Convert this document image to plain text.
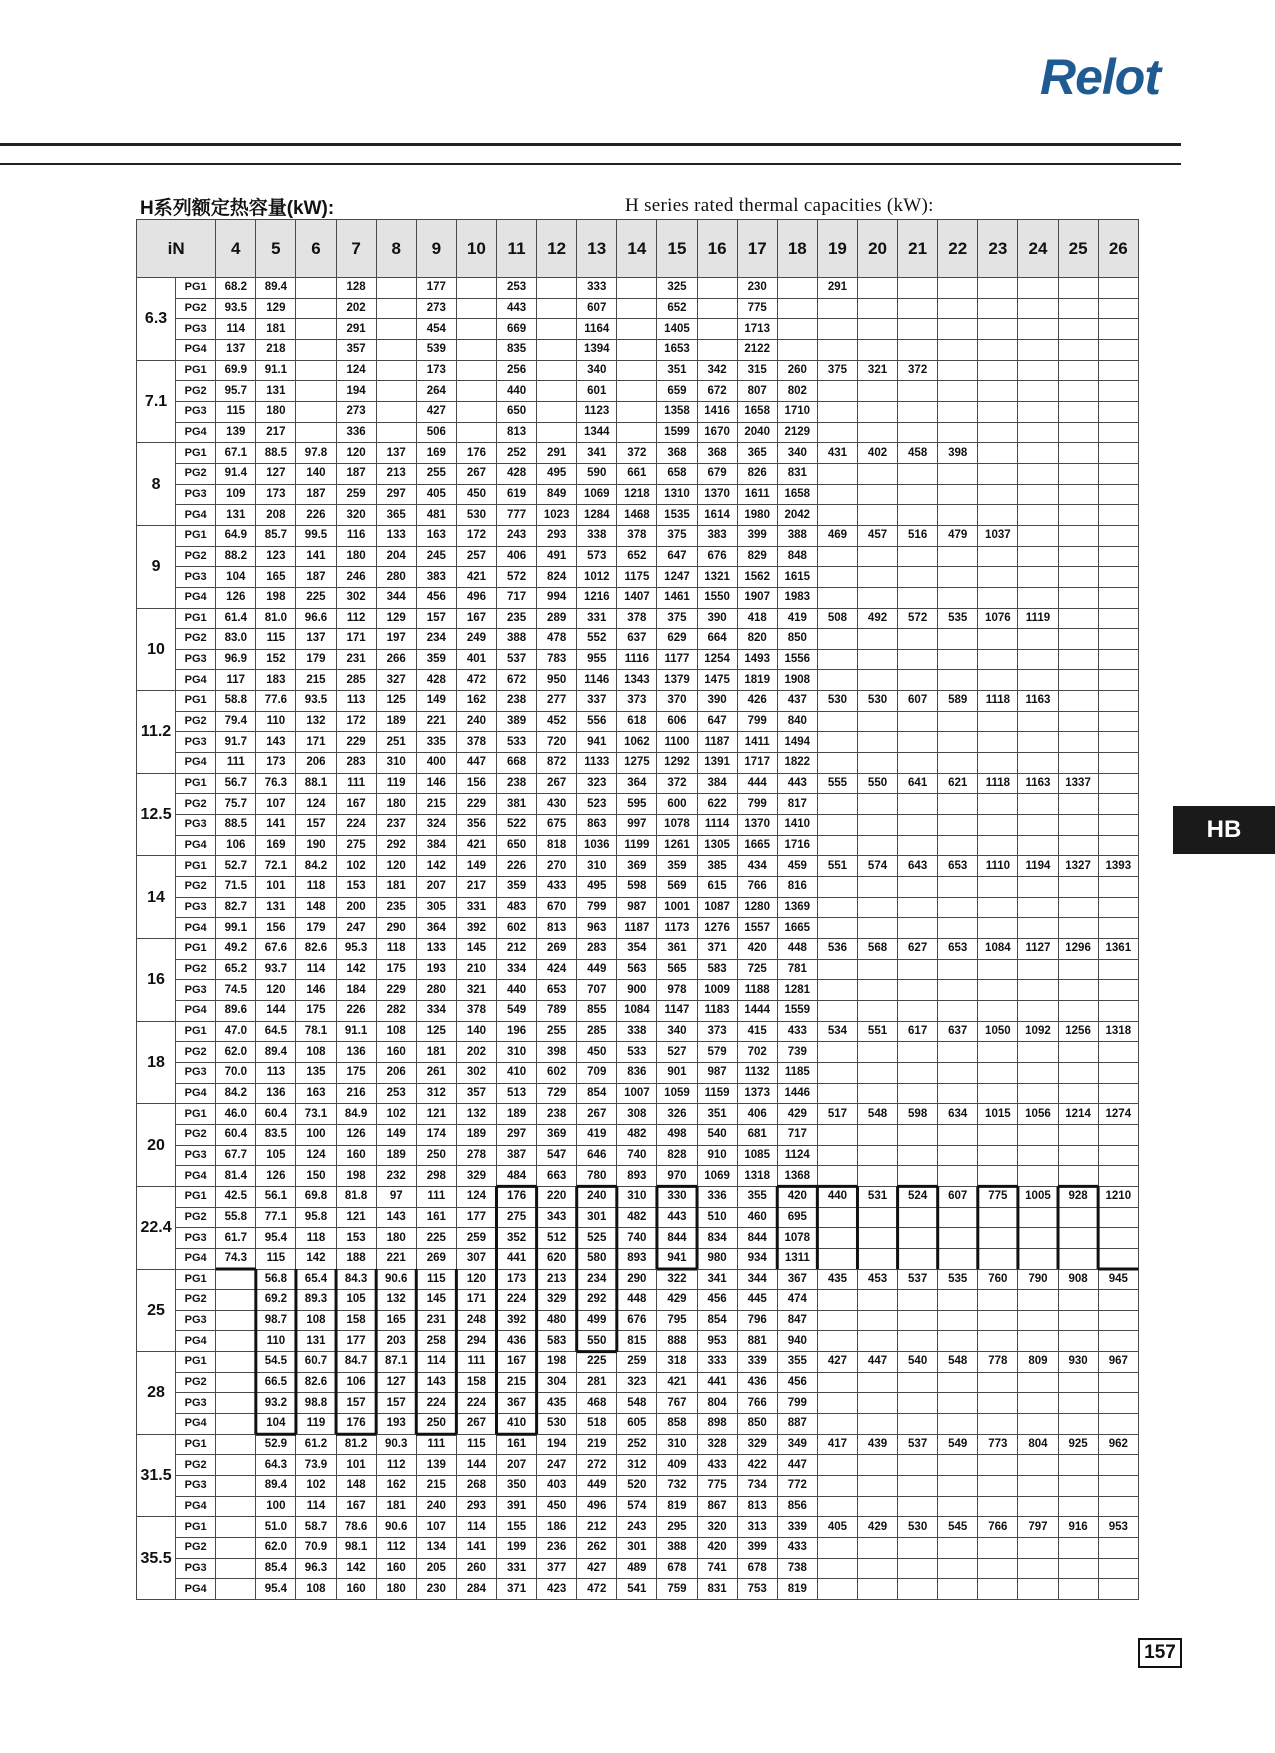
Relot
H系列额定热容量(kW):	H series rated thermal capacities (kW):
iN		4	5	6	7	8	9	10	11	12	13	14	15	16	17	18	19	20	21	22	23	24	25	26
6.3	PG1	68.2	89.4		128		177		253		333		325		230		291							
	PG2	93.5	129		202		273		443		607		652		775									
	PG3	114	181		291		454		669		1164		1405		1713									
	PG4	137	218		357		539		835		1394		1653		2122									
7.1	PG1	69.9	91.1		124		173		256		340		351	342	315	260	375	321	372					
	PG2	95.7	131		194		264		440		601		659	672	807	802								
	PG3	115	180		273		427		650		1123		1358	1416	1658	1710								
	PG4	139	217		336		506		813		1344		1599	1670	2040	2129								
8	PG1	67.1	88.5	97.8	120	137	169	176	252	291	341	372	368	368	365	340	431	402	458	398				
	PG2	91.4	127	140	187	213	255	267	428	495	590	661	658	679	826	831								
	PG3	109	173	187	259	297	405	450	619	849	1069	1218	1310	1370	1611	1658								
	PG4	131	208	226	320	365	481	530	777	1023	1284	1468	1535	1614	1980	2042								
9	PG1	64.9	85.7	99.5	116	133	163	172	243	293	338	378	375	383	399	388	469	457	516	479	1037			
	PG2	88.2	123	141	180	204	245	257	406	491	573	652	647	676	829	848								
	PG3	104	165	187	246	280	383	421	572	824	1012	1175	1247	1321	1562	1615								
	PG4	126	198	225	302	344	456	496	717	994	1216	1407	1461	1550	1907	1983								
10	PG1	61.4	81.0	96.6	112	129	157	167	235	289	331	378	375	390	418	419	508	492	572	535	1076	1119		
	PG2	83.0	115	137	171	197	234	249	388	478	552	637	629	664	820	850								
	PG3	96.9	152	179	231	266	359	401	537	783	955	1116	1177	1254	1493	1556								
	PG4	117	183	215	285	327	428	472	672	950	1146	1343	1379	1475	1819	1908								
11.2	PG1	58.8	77.6	93.5	113	125	149	162	238	277	337	373	370	390	426	437	530	530	607	589	1118	1163		
	PG2	79.4	110	132	172	189	221	240	389	452	556	618	606	647	799	840								
	PG3	91.7	143	171	229	251	335	378	533	720	941	1062	1100	1187	1411	1494								
	PG4	111	173	206	283	310	400	447	668	872	1133	1275	1292	1391	1717	1822								
12.5	PG1	56.7	76.3	88.1	111	119	146	156	238	267	323	364	372	384	444	443	555	550	641	621	1118	1163	1337	
	PG2	75.7	107	124	167	180	215	229	381	430	523	595	600	622	799	817								
	PG3	88.5	141	157	224	237	324	356	522	675	863	997	1078	1114	1370	1410								
	PG4	106	169	190	275	292	384	421	650	818	1036	1199	1261	1305	1665	1716								
14	PG1	52.7	72.1	84.2	102	120	142	149	226	270	310	369	359	385	434	459	551	574	643	653	1110	1194	1327	1393
	PG2	71.5	101	118	153	181	207	217	359	433	495	598	569	615	766	816								
	PG3	82.7	131	148	200	235	305	331	483	670	799	987	1001	1087	1280	1369								
	PG4	99.1	156	179	247	290	364	392	602	813	963	1187	1173	1276	1557	1665								
16	PG1	49.2	67.6	82.6	95.3	118	133	145	212	269	283	354	361	371	420	448	536	568	627	653	1084	1127	1296	1361
	PG2	65.2	93.7	114	142	175	193	210	334	424	449	563	565	583	725	781								
	PG3	74.5	120	146	184	229	280	321	440	653	707	900	978	1009	1188	1281								
	PG4	89.6	144	175	226	282	334	378	549	789	855	1084	1147	1183	1444	1559								
18	PG1	47.0	64.5	78.1	91.1	108	125	140	196	255	285	338	340	373	415	433	534	551	617	637	1050	1092	1256	1318
	PG2	62.0	89.4	108	136	160	181	202	310	398	450	533	527	579	702	739								
	PG3	70.0	113	135	175	206	261	302	410	602	709	836	901	987	1132	1185								
	PG4	84.2	136	163	216	253	312	357	513	729	854	1007	1059	1159	1373	1446								
20	PG1	46.0	60.4	73.1	84.9	102	121	132	189	238	267	308	326	351	406	429	517	548	598	634	1015	1056	1214	1274
	PG2	60.4	83.5	100	126	149	174	189	297	369	419	482	498	540	681	717								
	PG3	67.7	105	124	160	189	250	278	387	547	646	740	828	910	1085	1124								
	PG4	81.4	126	150	198	232	298	329	484	663	780	893	970	1069	1318	1368								
22.4	PG1	42.5	56.1	69.8	81.8	97	111	124	176	220	240	310	330	336	355	420	440	531	524	607	775	1005	928	1210
	PG2	55.8	77.1	95.8	121	143	161	177	275	343	301	482	443	510	460	695								
	PG3	61.7	95.4	118	153	180	225	259	352	512	525	740	844	834	844	1078								
	PG4	74.3	115	142	188	221	269	307	441	620	580	893	941	980	934	1311								
25	PG1		56.8	65.4	84.3	90.6	115	120	173	213	234	290	322	341	344	367	435	453	537	535	760	790	908	945
	PG2		69.2	89.3	105	132	145	171	224	329	292	448	429	456	445	474								
	PG3		98.7	108	158	165	231	248	392	480	499	676	795	854	796	847								
	PG4		110	131	177	203	258	294	436	583	550	815	888	953	881	940								
28	PG1		54.5	60.7	84.7	87.1	114	111	167	198	225	259	318	333	339	355	427	447	540	548	778	809	930	967
	PG2		66.5	82.6	106	127	143	158	215	304	281	323	421	441	436	456								
	PG3		93.2	98.8	157	157	224	224	367	435	468	548	767	804	766	799								
	PG4		104	119	176	193	250	267	410	530	518	605	858	898	850	887								
31.5	PG1		52.9	61.2	81.2	90.3	111	115	161	194	219	252	310	328	329	349	417	439	537	549	773	804	925	962
	PG2		64.3	73.9	101	112	139	144	207	247	272	312	409	433	422	447								
	PG3		89.4	102	148	162	215	268	350	403	449	520	732	775	734	772								
	PG4		100	114	167	181	240	293	391	450	496	574	819	867	813	856								
35.5	PG1		51.0	58.7	78.6	90.6	107	114	155	186	212	243	295	320	313	339	405	429	530	545	766	797	916	953
	PG2		62.0	70.9	98.1	112	134	141	199	236	262	301	388	420	399	433								
	PG3		85.4	96.3	142	160	205	260	331	377	427	489	678	741	678	738								
	PG4		95.4	108	160	180	230	284	371	423	472	541	759	831	753	819								
HB
157
